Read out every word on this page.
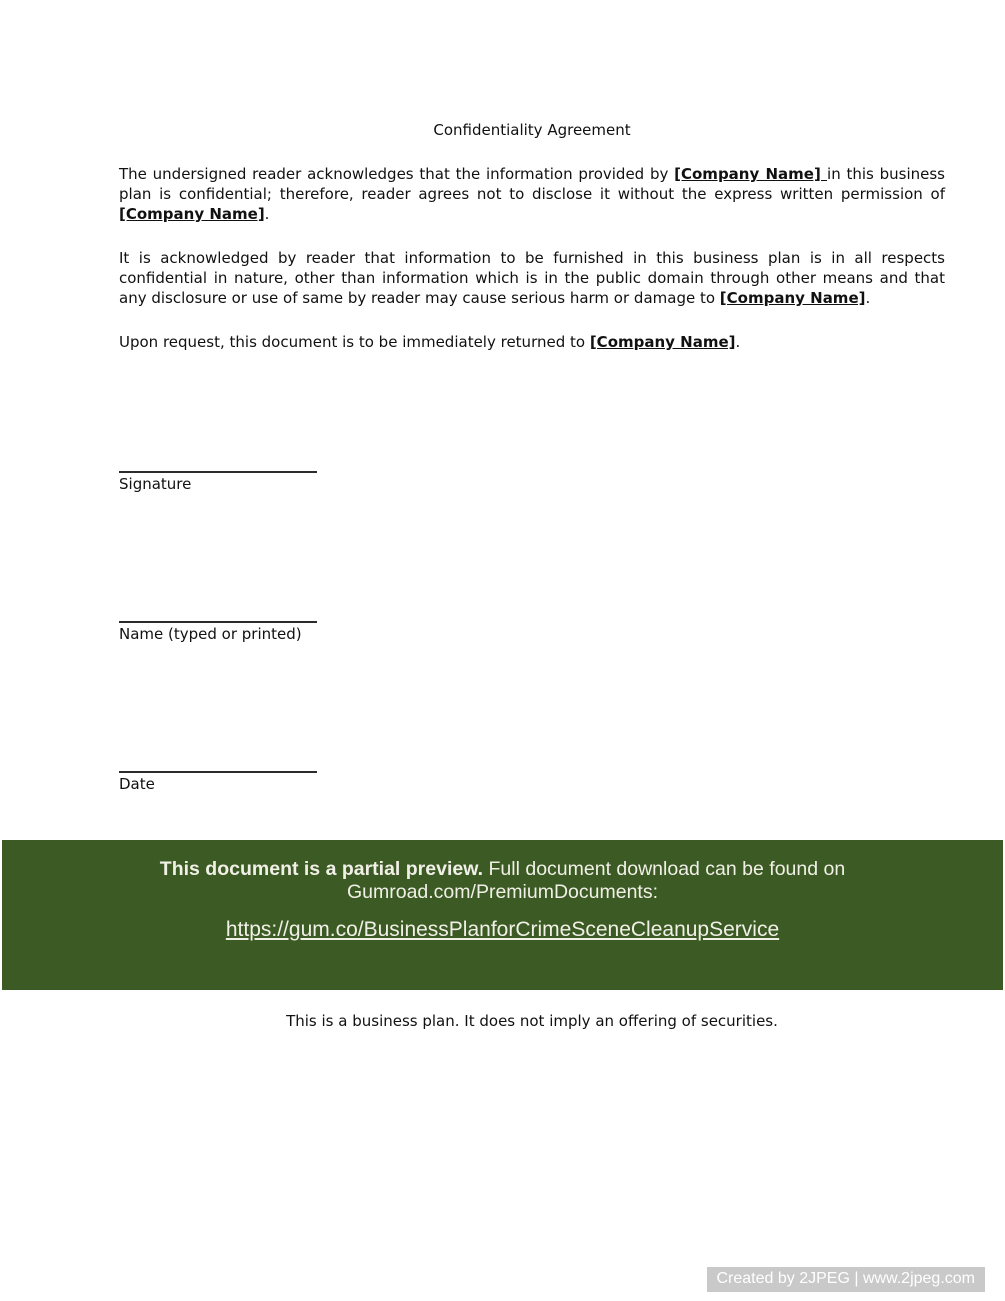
Confidentiality Agreement

The undersigned reader acknowledges that the information provided by [Company Name] in this business plan is confidential; therefore, reader agrees not to disclose it without the express written permission of [Company Name].

It is acknowledged by reader that information to be furnished in this business plan is in all respects confidential in nature, other than information which is in the public domain through other means and that any disclosure or use of same by reader may cause serious harm or damage to [Company Name].

Upon request, this document is to be immediately returned to [Company Name].

Signature
Name (typed or printed)
Date
This document is a partial preview. Full document download can be found on
Gumroad.com/PremiumDocuments:
https://gum.co/BusinessPlanforCrimeSceneCleanupService
This is a business plan. It does not imply an offering of securities.
Created by 2JPEG | www.2jpeg.com
